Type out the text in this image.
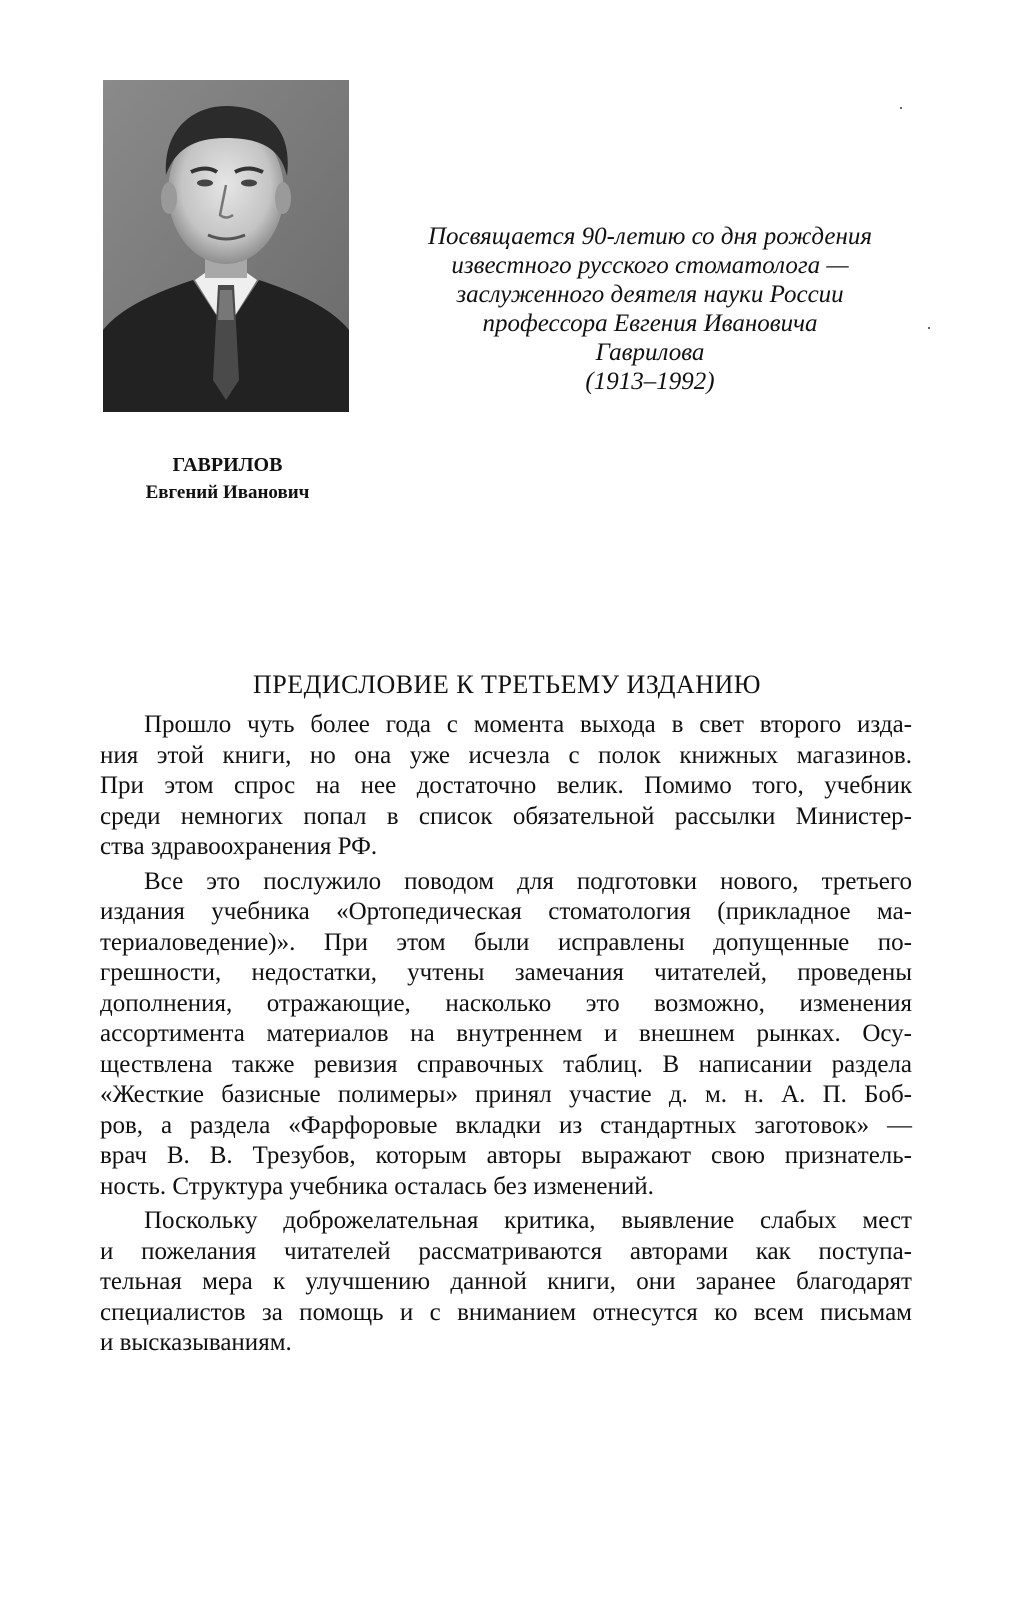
ГАВРИЛОВ
Евгений Иванович
Посвящается 90-летию со дня рождения
известного русского стоматолога —
заслуженного деятеля науки России
профессора Евгения Ивановича
Гаврилова
(1913–1992)
ПРЕДИСЛОВИЕ К ТРЕТЬЕМУ ИЗДАНИЮ
Прошло чуть более года с момента выхода в свет второго изда-
ния этой книги, но она уже исчезла с полок книжных магазинов.
При этом спрос на нее достаточно велик. Помимо того, учебник
среди немногих попал в список обязательной рассылки Министер-
ства здравоохранения РФ.
Все это послужило поводом для подготовки нового, третьего
издания учебника «Ортопедическая стоматология (прикладное ма-
териаловедение)». При этом были исправлены допущенные по-
грешности, недостатки, учтены замечания читателей, проведены
дополнения, отражающие, насколько это возможно, изменения
ассортимента материалов на внутреннем и внешнем рынках. Осу-
ществлена также ревизия справочных таблиц. В написании раздела
«Жесткие базисные полимеры» принял участие д. м. н. А. П. Боб-
ров, а раздела «Фарфоровые вкладки из стандартных заготовок» —
врач В. В. Трезубов, которым авторы выражают свою признатель-
ность. Структура учебника осталась без изменений.
Поскольку доброжелательная критика, выявление слабых мест
и пожелания читателей рассматриваются авторами как поступа-
тельная мера к улучшению данной книги, они заранее благодарят
специалистов за помощь и с вниманием отнесутся ко всем письмам
и высказываниям.
